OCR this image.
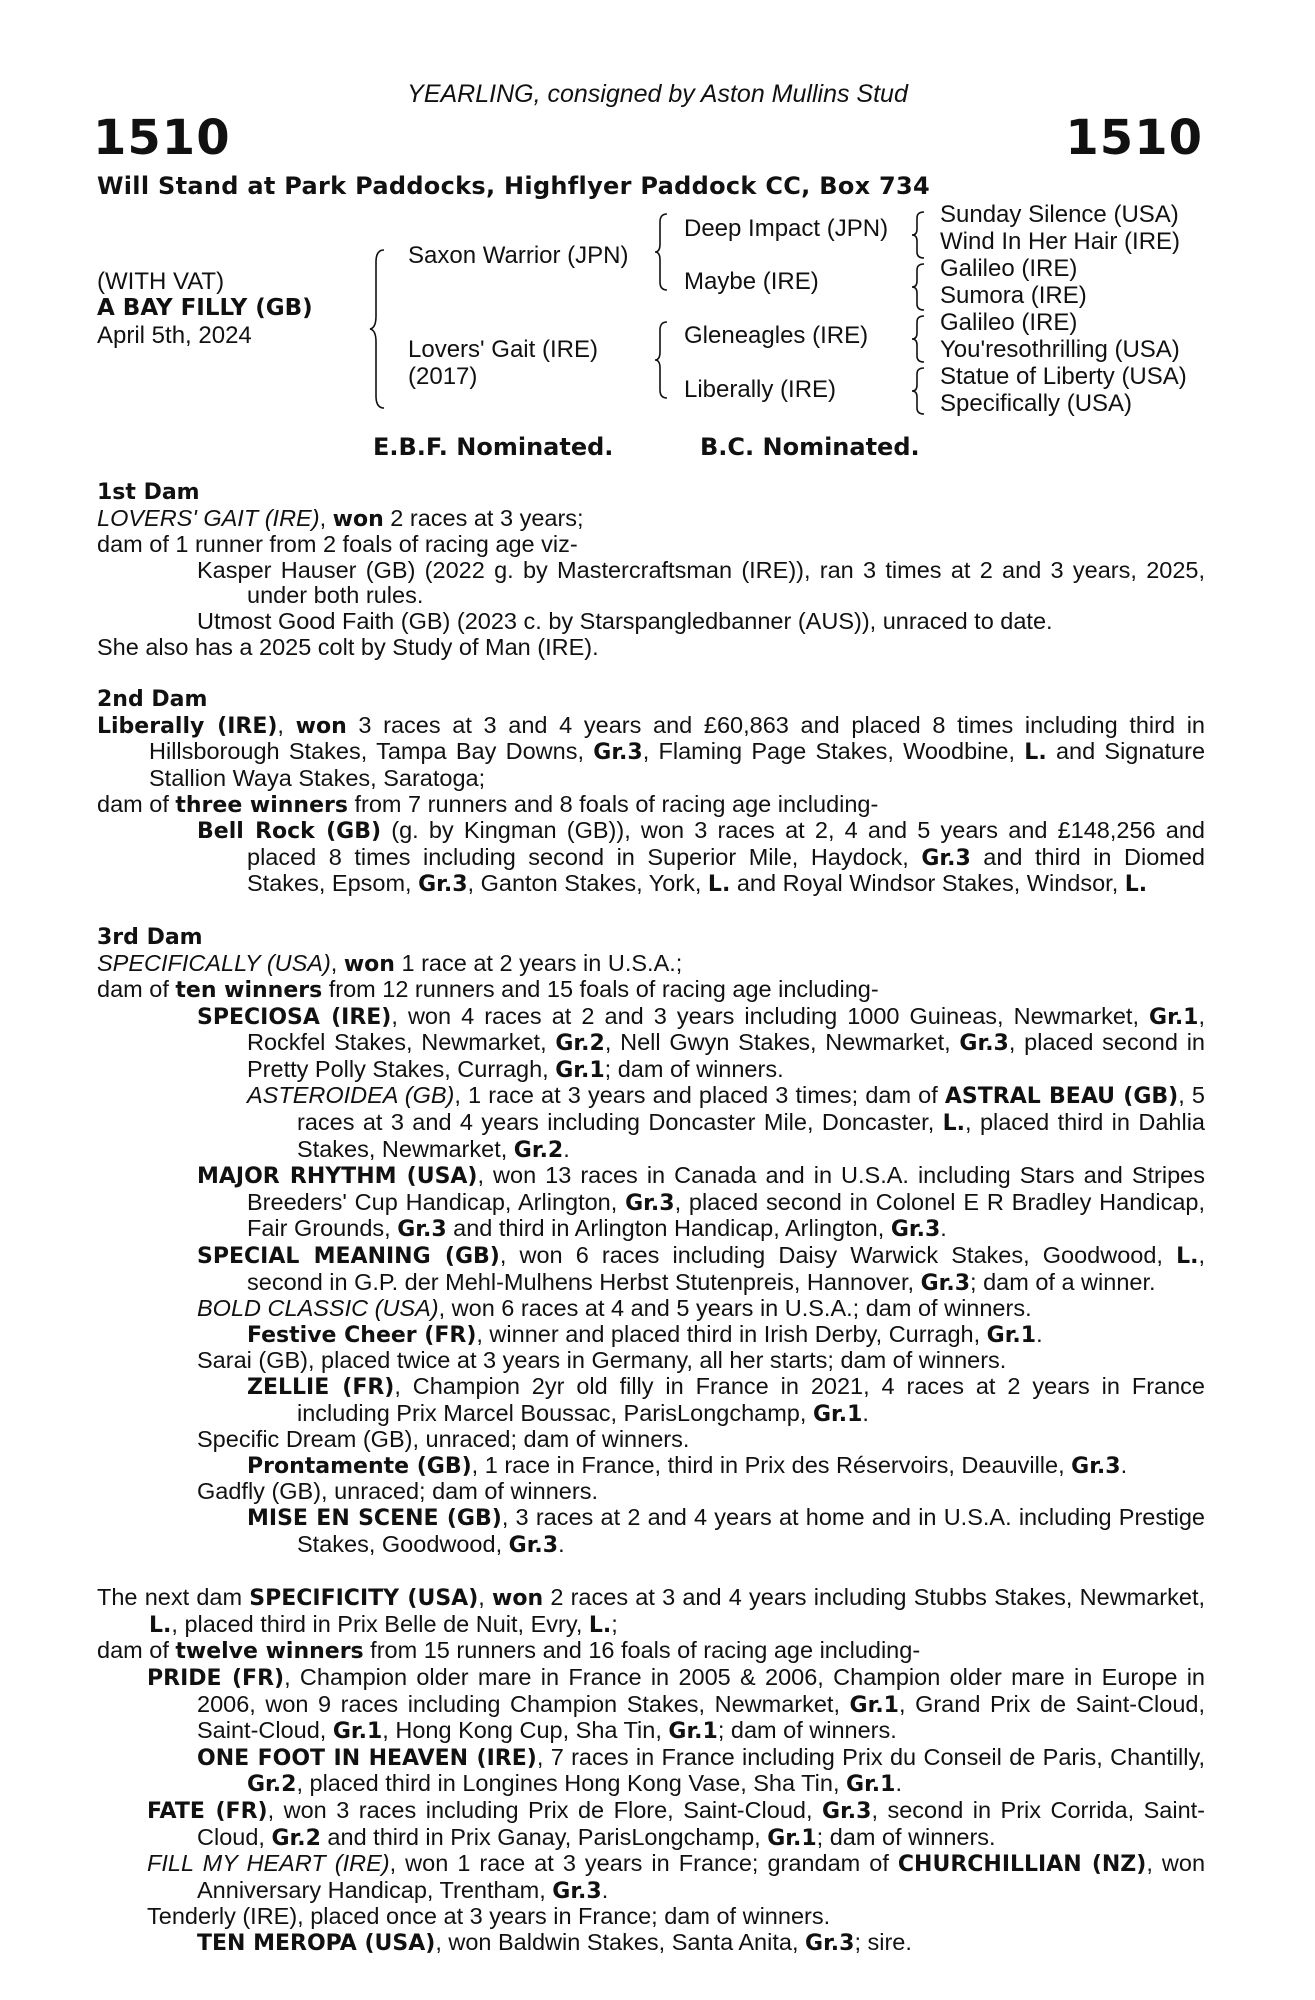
YEARLING, consigned by Aston Mullins Stud
1510	1510
Will Stand at Park Paddocks, Highflyer Paddock CC, Box 734
(WITH VAT)
A BAY FILLY (GB)
April 5th, 2024
Saxon Warrior (JPN)
Lovers' Gait (IRE)
(2017)
Deep Impact (JPN)
Maybe (IRE)
Gleneagles (IRE)
Liberally (IRE)
Sunday Silence (USA)
Wind In Her Hair (IRE)
Galileo (IRE)
Sumora (IRE)
Galileo (IRE)
You'resothrilling (USA)
Statue of Liberty (USA)
Specifically (USA)
E.B.F. Nominated.	B.C. Nominated.

1st Dam

LOVERS' GAIT (IRE), won 2 races at 3 years;

dam of 1 runner from 2 foals of racing age viz-

Kasper Hauser (GB) (2022 g. by Mastercraftsman (IRE)), ran 3 times at 2 and 3 years, 2025, under both rules.

Utmost Good Faith (GB) (2023 c. by Starspangledbanner (AUS)), unraced to date.

She also has a 2025 colt by Study of Man (IRE).

2nd Dam

Liberally (IRE), won 3 races at 3 and 4 years and £60,863 and placed 8 times including third in Hillsborough Stakes, Tampa Bay Downs, Gr.3, Flaming Page Stakes, Woodbine, L. and Signature Stallion Waya Stakes, Saratoga;

dam of three winners from 7 runners and 8 foals of racing age including-

Bell Rock (GB) (g. by Kingman (GB)), won 3 races at 2, 4 and 5 years and £148,256 and placed 8 times including second in Superior Mile, Haydock, Gr.3 and third in Diomed Stakes, Epsom, Gr.3, Ganton Stakes, York, L. and Royal Windsor Stakes, Windsor, L.

3rd Dam

SPECIFICALLY (USA), won 1 race at 2 years in U.S.A.;

dam of ten winners from 12 runners and 15 foals of racing age including-

SPECIOSA (IRE), won 4 races at 2 and 3 years including 1000 Guineas, Newmarket, Gr.1, Rockfel Stakes, Newmarket, Gr.2, Nell Gwyn Stakes, Newmarket, Gr.3, placed second in Pretty Polly Stakes, Curragh, Gr.1; dam of winners.

ASTEROIDEA (GB), 1 race at 3 years and placed 3 times; dam of ASTRAL BEAU (GB), 5 races at 3 and 4 years including Doncaster Mile, Doncaster, L., placed third in Dahlia Stakes, Newmarket, Gr.2.

MAJOR RHYTHM (USA), won 13 races in Canada and in U.S.A. including Stars and Stripes Breeders' Cup Handicap, Arlington, Gr.3, placed second in Colonel E R Bradley Handicap, Fair Grounds, Gr.3 and third in Arlington Handicap, Arlington, Gr.3.

SPECIAL MEANING (GB), won 6 races including Daisy Warwick Stakes, Goodwood, L., second in G.P. der Mehl-Mulhens Herbst Stutenpreis, Hannover, Gr.3; dam of a winner.

BOLD CLASSIC (USA), won 6 races at 4 and 5 years in U.S.A.; dam of winners.

Festive Cheer (FR), winner and placed third in Irish Derby, Curragh, Gr.1.

Sarai (GB), placed twice at 3 years in Germany, all her starts; dam of winners.

ZELLIE (FR), Champion 2yr old filly in France in 2021, 4 races at 2 years in France including Prix Marcel Boussac, ParisLongchamp, Gr.1.

Specific Dream (GB), unraced; dam of winners.

Prontamente (GB), 1 race in France, third in Prix des Réservoirs, Deauville, Gr.3.

Gadfly (GB), unraced; dam of winners.

MISE EN SCENE (GB), 3 races at 2 and 4 years at home and in U.S.A. including Prestige Stakes, Goodwood, Gr.3.

The next dam SPECIFICITY (USA), won 2 races at 3 and 4 years including Stubbs Stakes, Newmarket, L., placed third in Prix Belle de Nuit, Evry, L.;

dam of twelve winners from 15 runners and 16 foals of racing age including-

PRIDE (FR), Champion older mare in France in 2005 & 2006, Champion older mare in Europe in 2006, won 9 races including Champion Stakes, Newmarket, Gr.1, Grand Prix de Saint-Cloud, Saint-Cloud, Gr.1, Hong Kong Cup, Sha Tin, Gr.1; dam of winners.

ONE FOOT IN HEAVEN (IRE), 7 races in France including Prix du Conseil de Paris, Chantilly, Gr.2, placed third in Longines Hong Kong Vase, Sha Tin, Gr.1.

FATE (FR), won 3 races including Prix de Flore, Saint-Cloud, Gr.3, second in Prix Corrida, Saint-Cloud, Gr.2 and third in Prix Ganay, ParisLongchamp, Gr.1; dam of winners.

FILL MY HEART (IRE), won 1 race at 3 years in France; grandam of CHURCHILLIAN (NZ), won Anniversary Handicap, Trentham, Gr.3.

Tenderly (IRE), placed once at 3 years in France; dam of winners.

TEN MEROPA (USA), won Baldwin Stakes, Santa Anita, Gr.3; sire.
